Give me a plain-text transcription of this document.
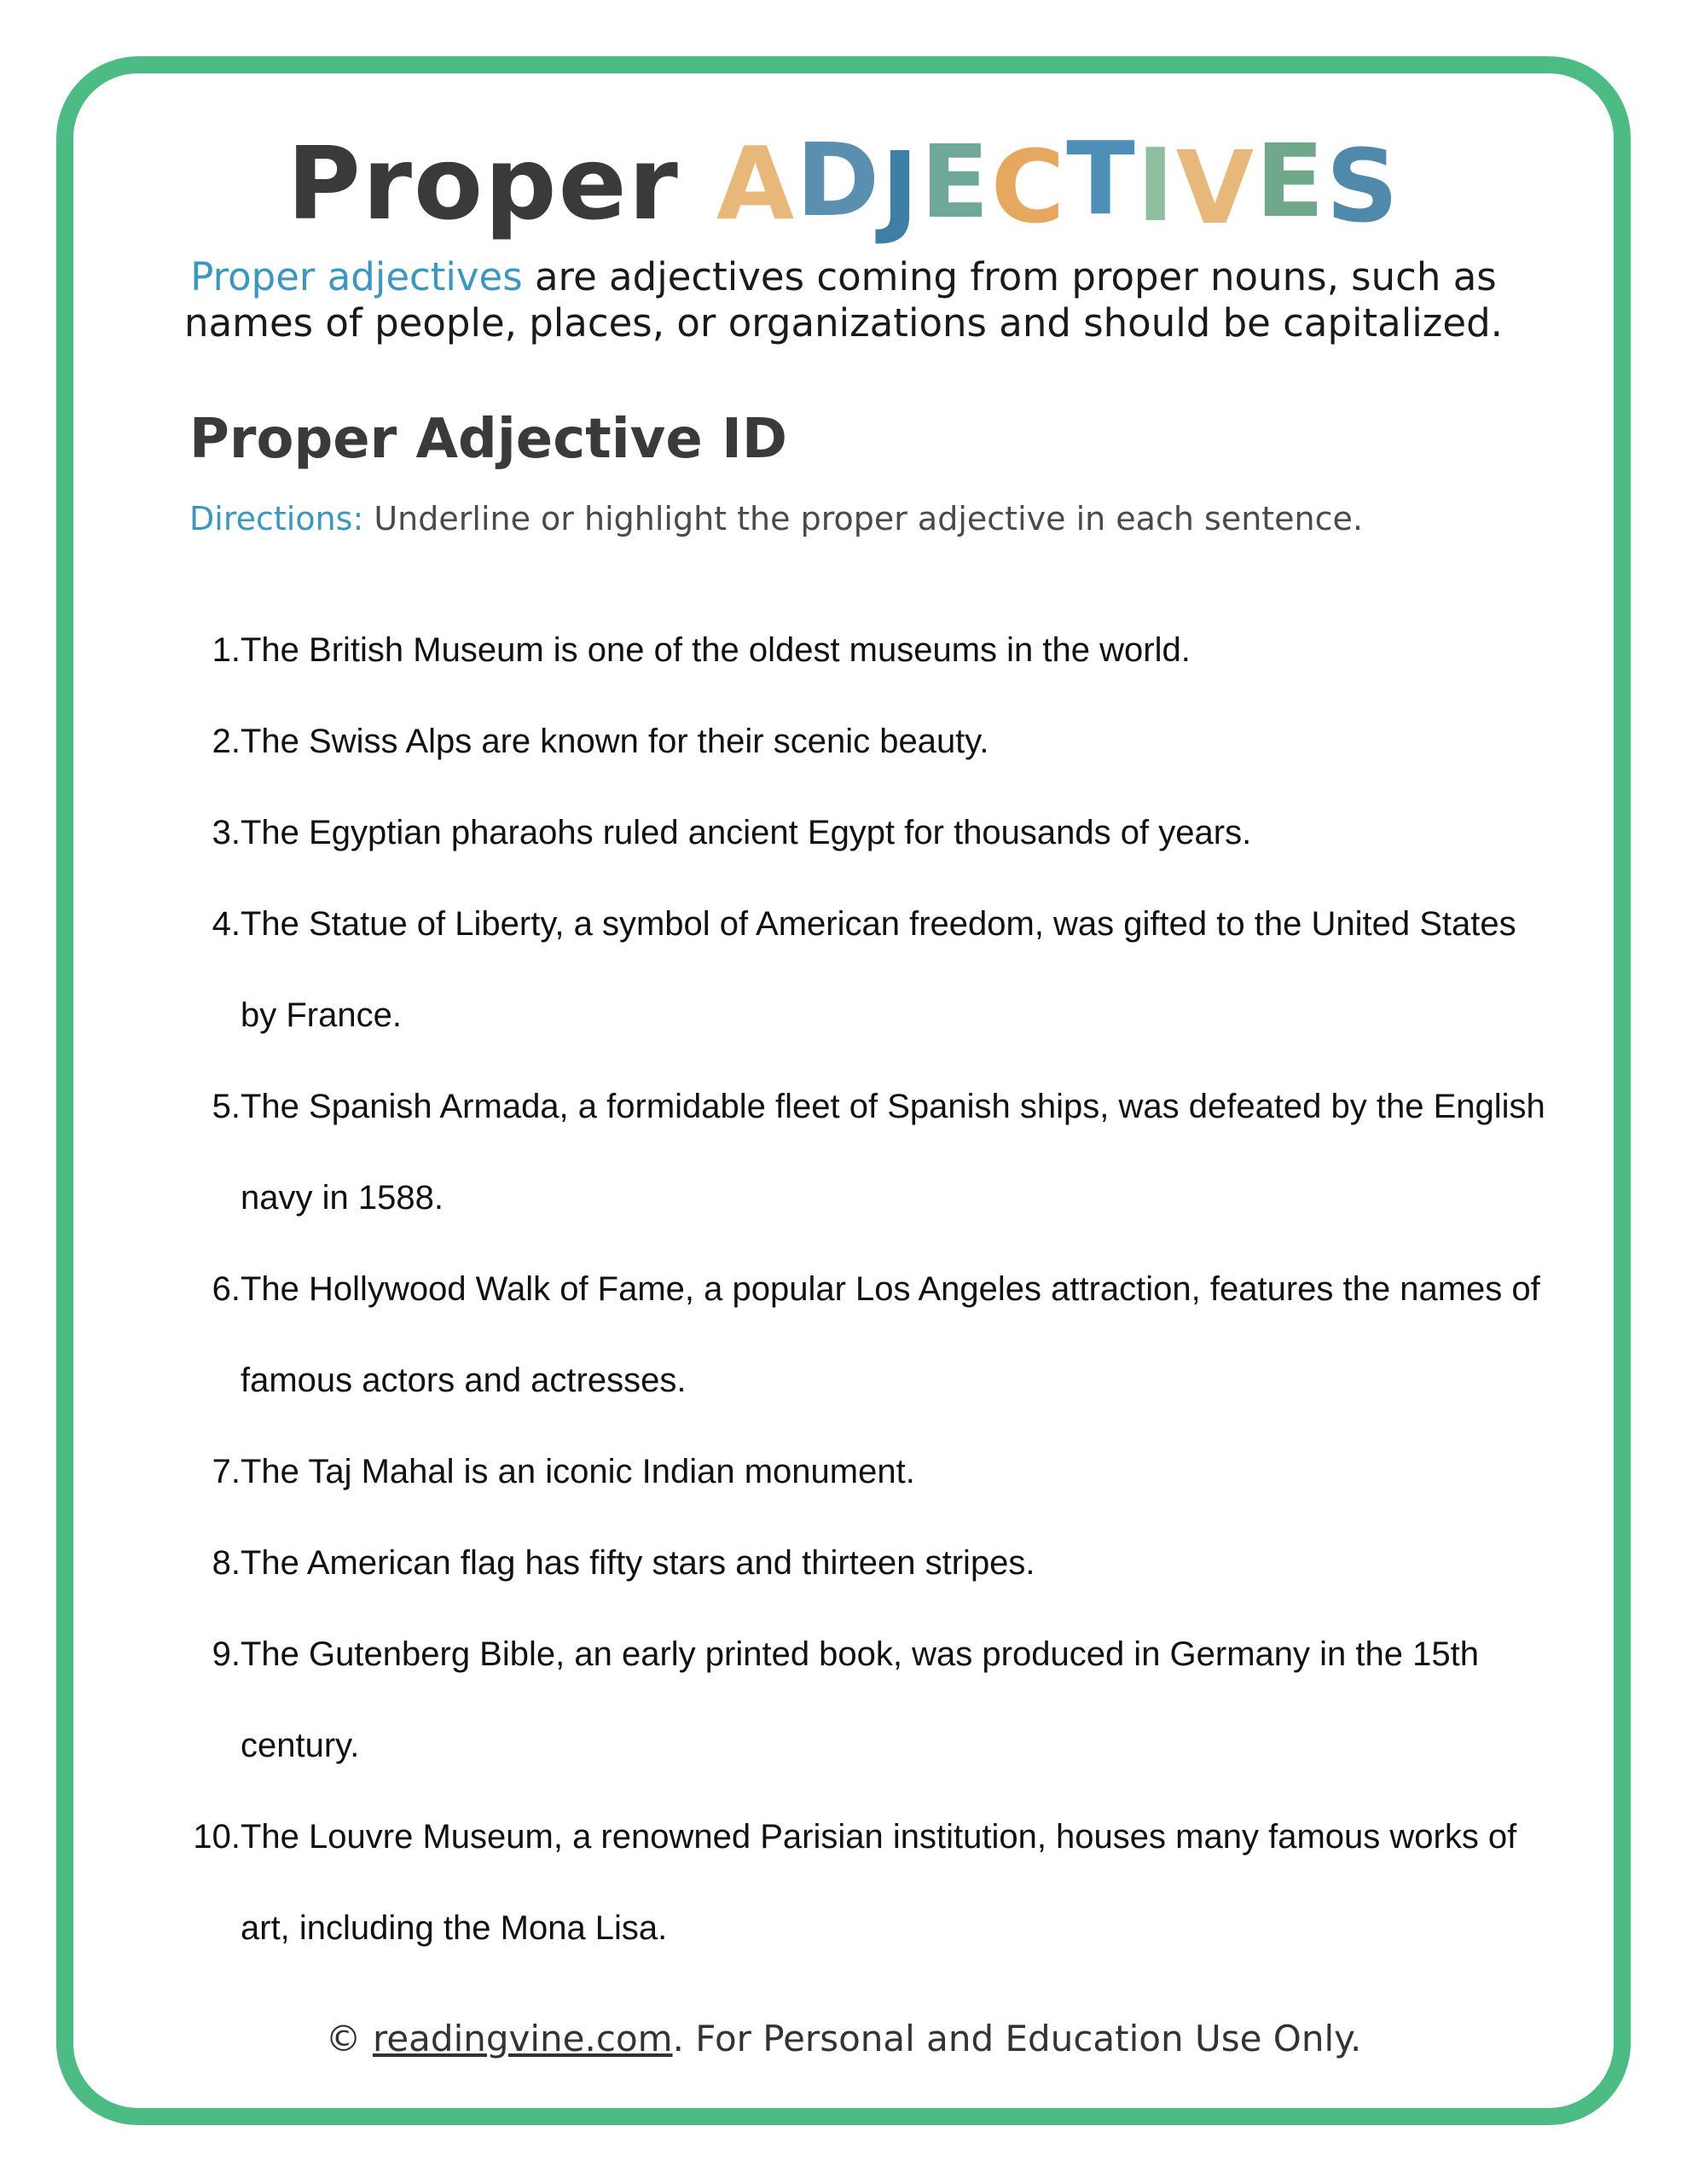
Proper ADJECTIVES
Proper adjectives are adjectives coming from proper nouns, such as names of people, places, or organizations and should be capitalized.
Proper Adjective ID
Directions: Underline or highlight the proper adjective in each sentence.
1. The British Museum is one of the oldest museums in the world.
2. The Swiss Alps are known for their scenic beauty.
3. The Egyptian pharaohs ruled ancient Egypt for thousands of years.
4. The Statue of Liberty, a symbol of American freedom, was gifted to the United States by France.
5. The Spanish Armada, a formidable fleet of Spanish ships, was defeated by the English navy in 1588.
6. The Hollywood Walk of Fame, a popular Los Angeles attraction, features the names of famous actors and actresses.
7. The Taj Mahal is an iconic Indian monument.
8. The American flag has fifty stars and thirteen stripes.
9. The Gutenberg Bible, an early printed book, was produced in Germany in the 15th century.
10. The Louvre Museum, a renowned Parisian institution, houses many famous works of art, including the Mona Lisa.
© readingvine.com. For Personal and Education Use Only.
